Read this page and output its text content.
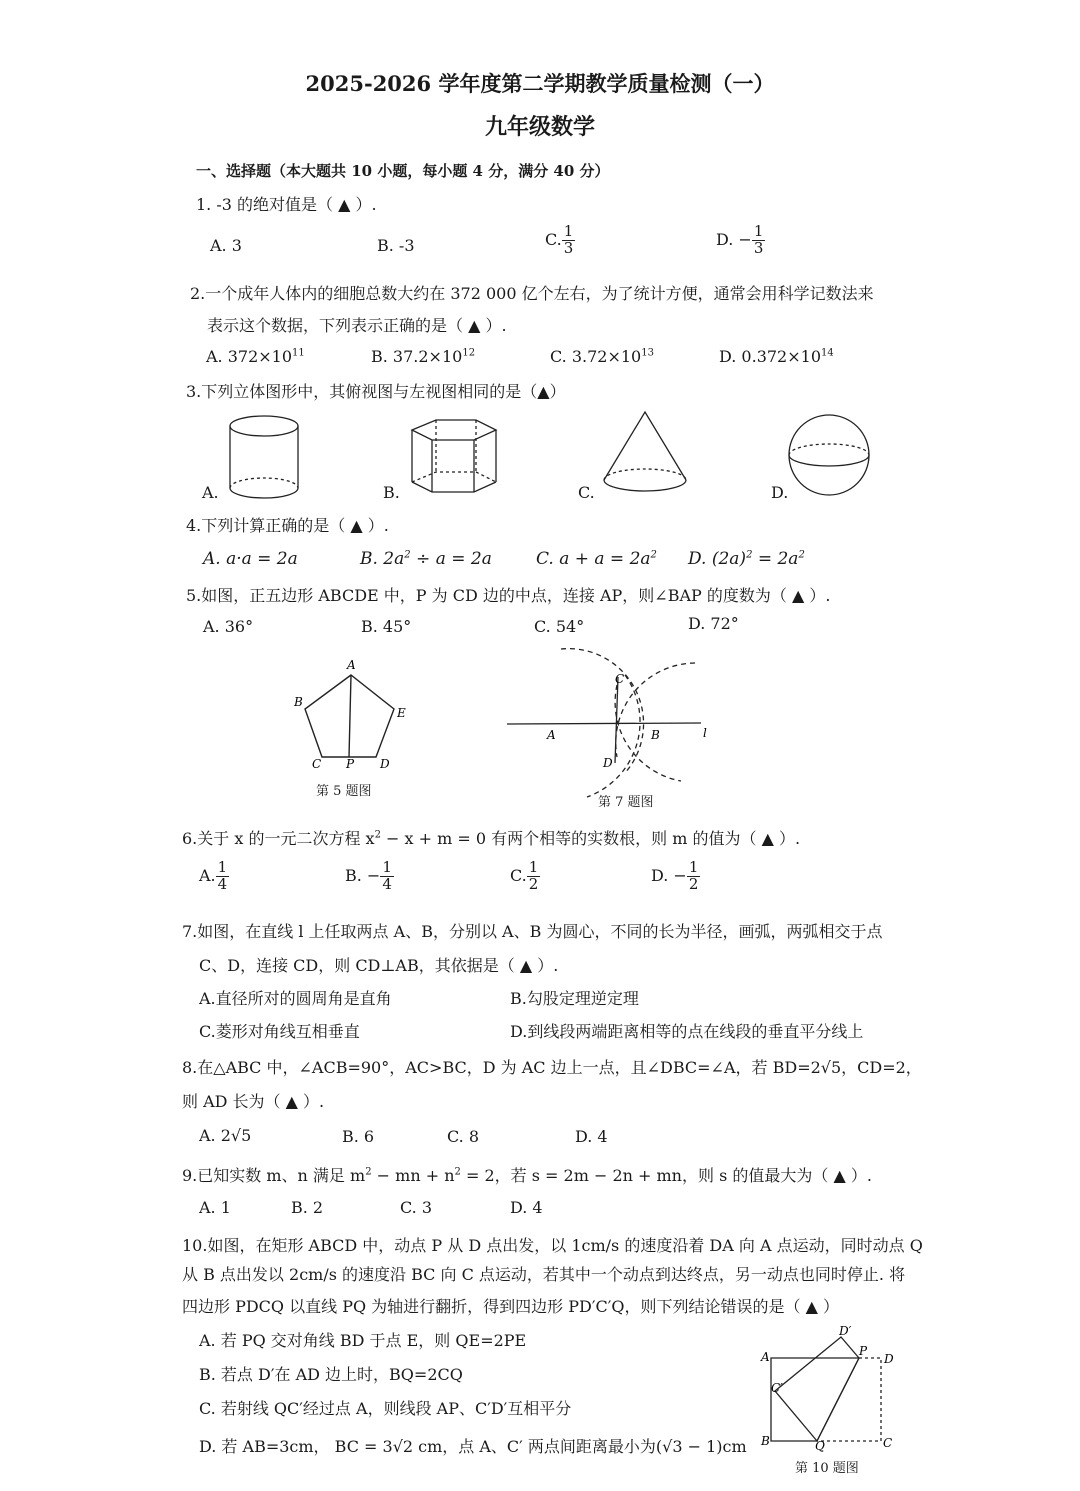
2025-2026 学年度第二学期教学质量检测（一）
九年级数学
一、选择题（本大题共 10 小题，每小题 4 分，满分 40 分）
1. -3 的绝对值是（ ▲ ）.
A. 3	B. -3	C. $\frac{1}{3}$	D. − $\frac{1}{3}$
2.一个成年人体内的细胞总数大约在 372 000 亿个左右，为了统计方便，通常会用科学记数法来
表示这个数据，下列表示正确的是（ ▲ ）.
A. $372\times 10^{11}$	B. $37.2\times 10^{12}$	C. $3.72\times 10^{13}$	D. $0.372\times 10^{14}$
3.下列立体图形中，其俯视图与左视图相同的是（▲）
A.	B.	C.	D.
4.下列计算正确的是（ ▲ ）.
A. a·a = 2a	B. $2a^2 \div a = 2a$	C. $a + a = 2a^2$ D. $(2a)^2 = 2a^2$
5.如图，正五边形 ABCDE 中，P 为 CD 边的中点，连接 AP，则∠BAP 的度数为（ ▲ ）.
A. 36°	B. 45°	C. 54°	D. 72°
A
B
E
C P D
第 5 题图
C
A	B	l
D
第 7 题图
6.关于 x 的一元二次方程 $x^2 - x + m = 0$ 有两个相等的实数根，则 m 的值为（ ▲ ）.
A. $\frac{1}{4}$	B. − $\frac{1}{4}$	C. $\frac{1}{2}$	D. − $\frac{1}{2}$
7.如图，在直线 l 上任取两点 A、B，分别以 A、B 为圆心，不同的长为半径，画弧，两弧相交于点
C、D，连接 CD，则 CD⊥AB，其依据是（ ▲ ）.
A.直径所对的圆周角是直角	B.勾股定理逆定理
C.菱形对角线互相垂直	D.到线段两端距离相等的点在线段的垂直平分线上
8.在△ABC 中，∠ACB=90°，AC>BC，D 为 AC 边上一点，且∠DBC=∠A，若 BD=2√5，CD=2，
则 AD 长为（ ▲ ）.
A. 2√5	B. 6	C. 8	D. 4
9.已知实数 m、n 满足 $m^2$ − mn + $n^2 = 2$，若 s = 2m − 2n + mn，则 s 的值最大为（ ▲ ）.
A. 1	B. 2	C. 3	D. 4
10.如图，在矩形 ABCD 中，动点 P 从 D 点出发，以 1cm/s 的速度沿着 DA 向 A 点运动，同时动点 Q
从 B 点出发以 2cm/s 的速度沿 BC 向 C 点运动，若其中一个动点到达终点，另一动点也同时停止. 将
四边形 PDCQ 以直线 PQ 为轴进行翻折，得到四边形 PD′C′Q，则下列结论错误的是（ ▲ ）
A. 若 PQ 交对角线 BD 于点 E，则 QE=2PE
B. 若点 D′在 AD 边上时，BQ=2CQ
C. 若射线 QC′经过点 A，则线段 AP、C′D′互相平分
D. 若 AB=3cm， BC = 3√2 cm，点 A、C′ 两点间距离最小为(√3 − 1)cm
D′
A	P
D
C′
B	Q	C
第 10 题图
